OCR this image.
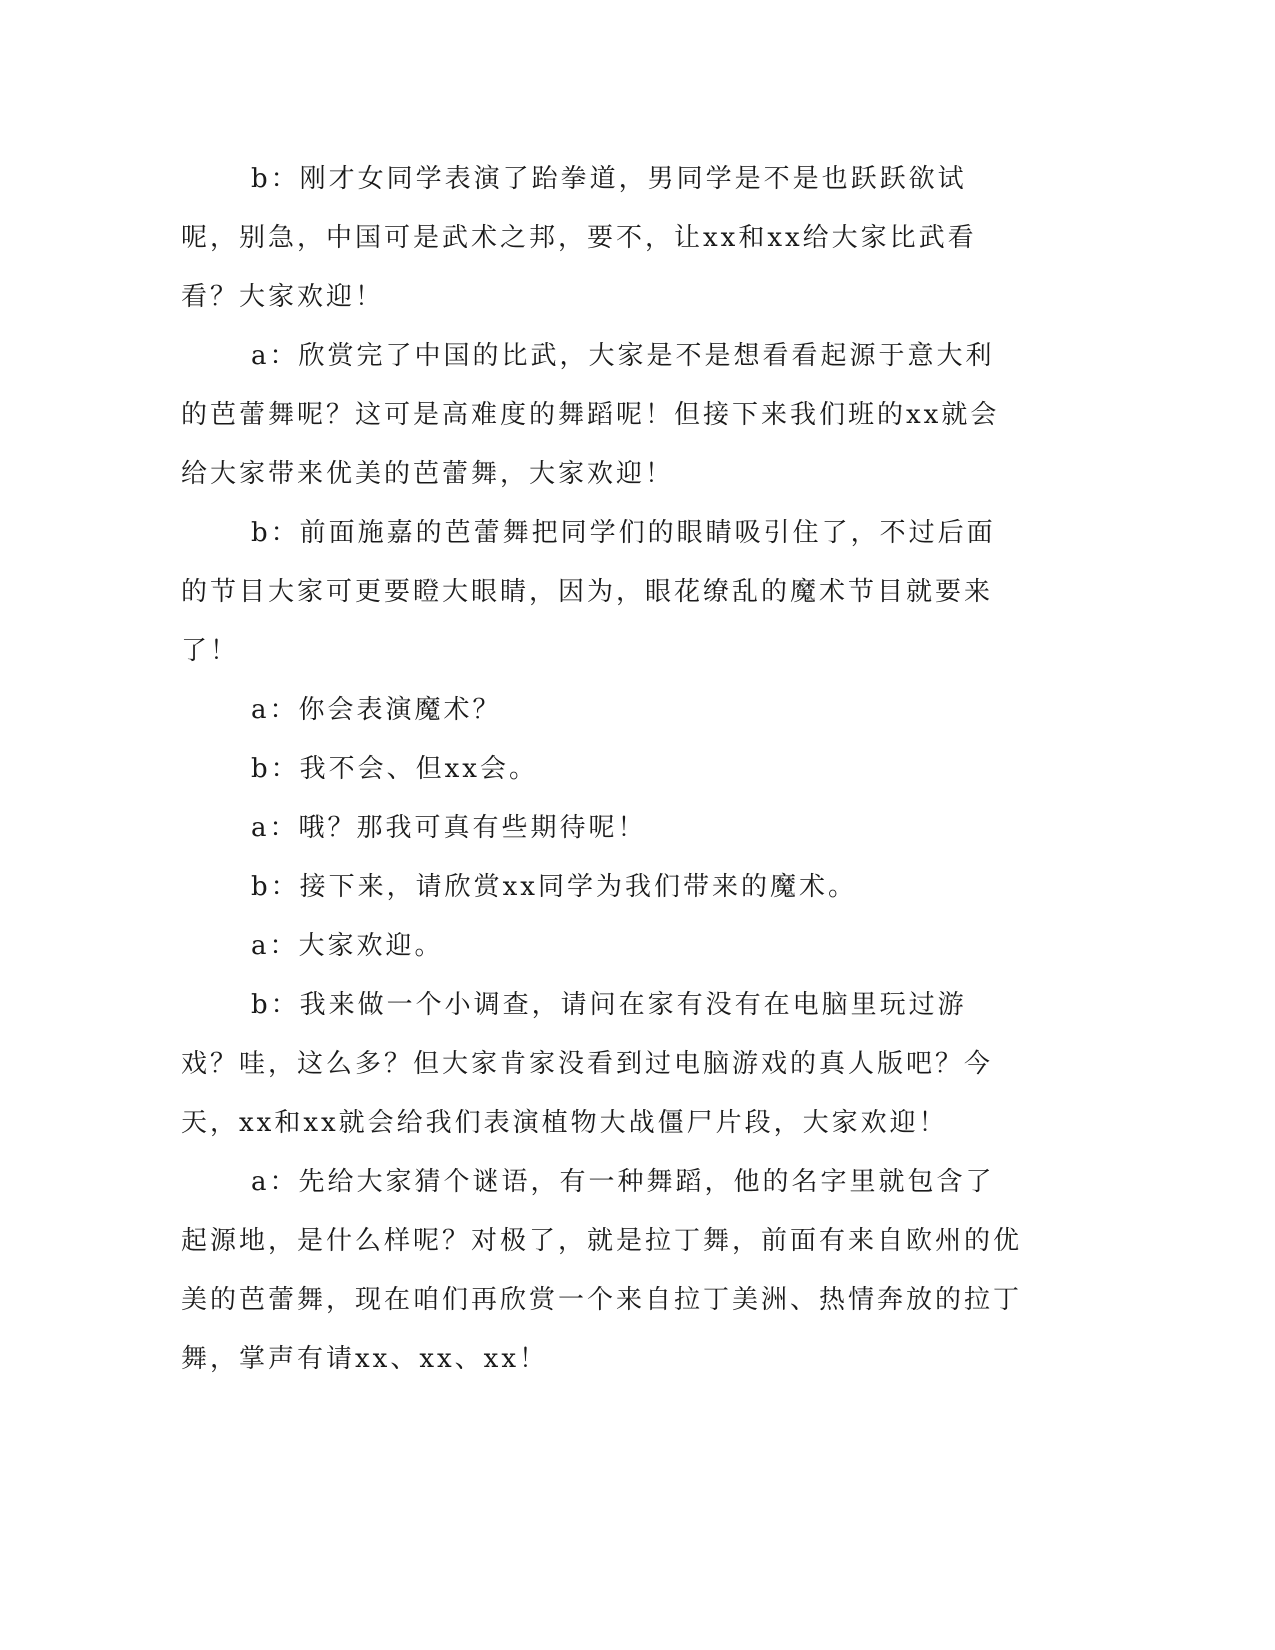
b：刚才女同学表演了跆拳道，男同学是不是也跃跃欲试呢，别急，中国可是武术之邦，要不，让xx和xx给大家比武看看？大家欢迎！

a：欣赏完了中国的比武，大家是不是想看看起源于意大利的芭蕾舞呢？这可是高难度的舞蹈呢！但接下来我们班的xx就会给大家带来优美的芭蕾舞，大家欢迎！

b：前面施嘉的芭蕾舞把同学们的眼睛吸引住了，不过后面的节目大家可更要瞪大眼睛，因为，眼花缭乱的魔术节目就要来了！

a：你会表演魔术？

b：我不会、但xx会。

a：哦？那我可真有些期待呢！

b：接下来，请欣赏xx同学为我们带来的魔术。

a：大家欢迎。

b：我来做一个小调查，请问在家有没有在电脑里玩过游戏？哇，这么多？但大家肯家没看到过电脑游戏的真人版吧？今天，xx和xx就会给我们表演植物大战僵尸片段，大家欢迎！

a：先给大家猜个谜语，有一种舞蹈，他的名字里就包含了起源地，是什么样呢？对极了，就是拉丁舞，前面有来自欧州的优美的芭蕾舞，现在咱们再欣赏一个来自拉丁美洲、热情奔放的拉丁舞，掌声有请xx、xx、xx！
